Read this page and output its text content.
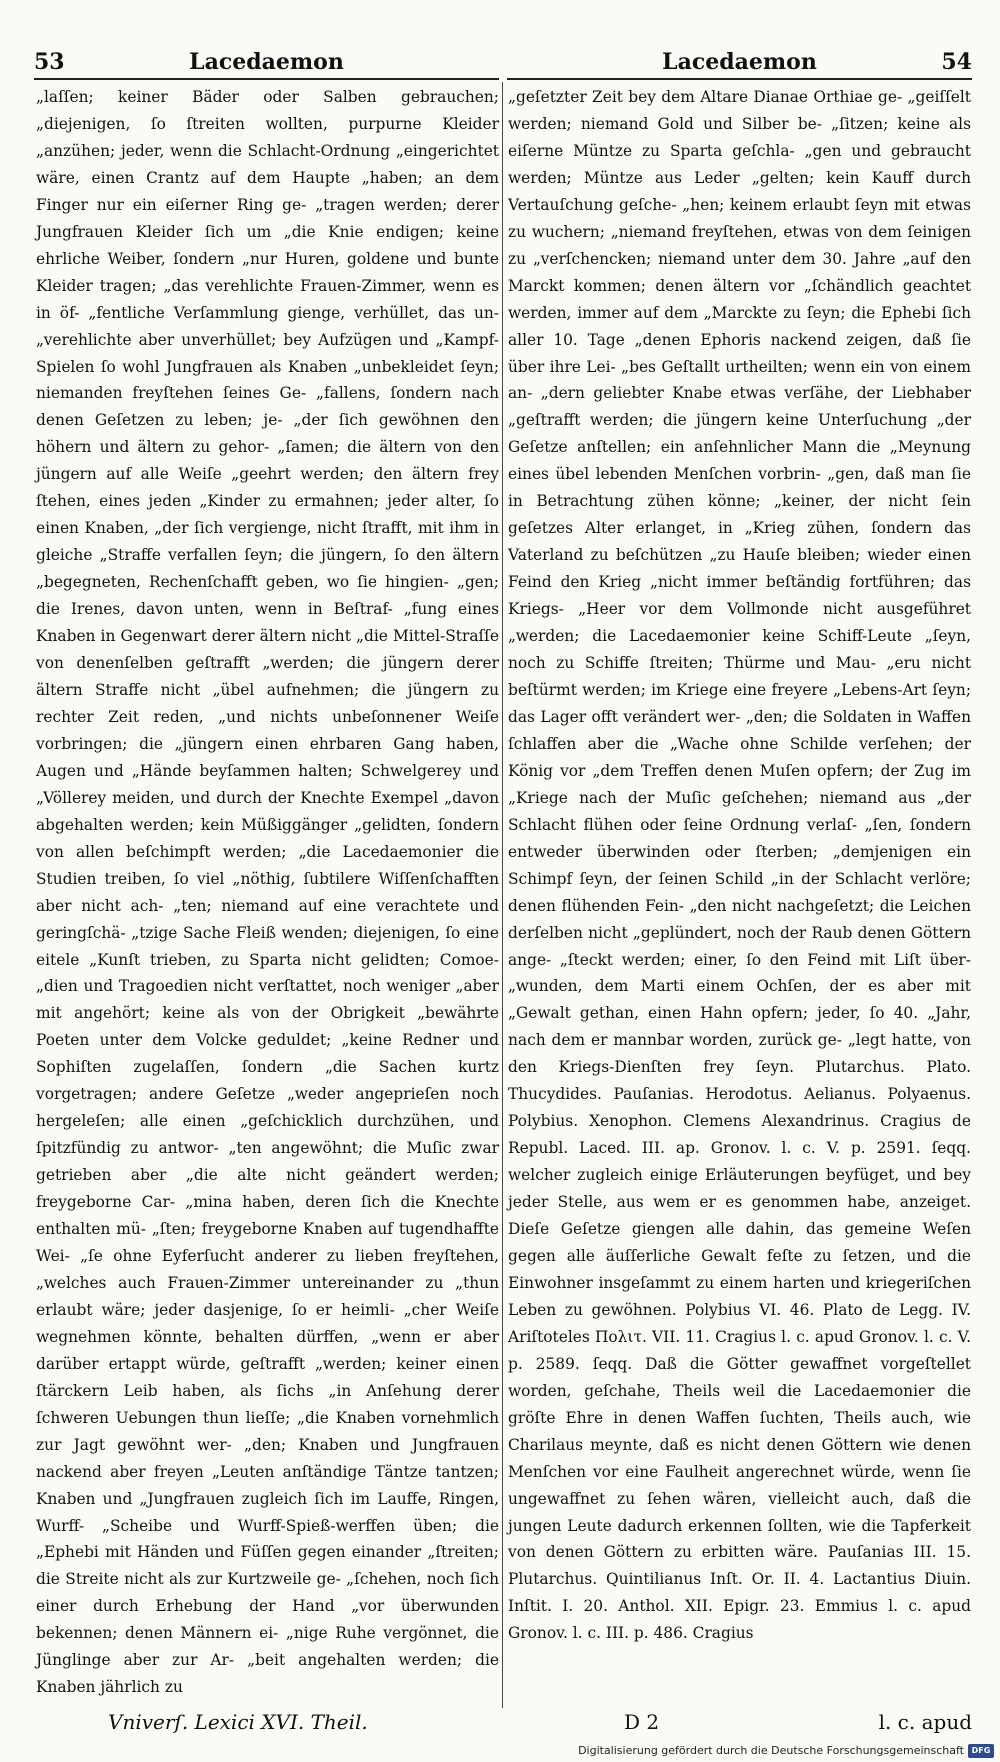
53	Lacedaemon	Lacedaemon	54

„laſſen; keiner Bäder oder Salben gebrauchen; „diejenigen, ſo ſtreiten wollten, purpurne Kleider „anzühen; jeder, wenn die Schlacht-Ordnung „eingerichtet wäre, einen Crantz auf dem Haupte „haben; an dem Finger nur ein eiſerner Ring ge- „tragen werden; derer Jungfrauen Kleider ſich um „die Knie endigen; keine ehrliche Weiber, ſondern „nur Huren, goldene und bunte Kleider tragen; „das verehlichte Frauen-Zimmer, wenn es in öf- „fentliche Verſammlung gienge, verhüllet, das un- „verehlichte aber unverhüllet; bey Aufzügen und „Kampf-Spielen ſo wohl Jungfrauen als Knaben „unbekleidet ſeyn; niemanden freyſtehen ſeines Ge- „fallens, ſondern nach denen Geſetzen zu leben; je- „der ſich gewöhnen den höhern und ältern zu gehor- „ſamen; die ältern von den jüngern auf alle Weiſe „geehrt werden; den ältern frey ſtehen, eines jeden „Kinder zu ermahnen; jeder alter, ſo einen Knaben, „der ſich vergienge, nicht ſtrafft, mit ihm in gleiche „Straffe verfallen ſeyn; die jüngern, ſo den ältern „begegneten, Rechenſchafft geben, wo ſie hingien- „gen; die Irenes, davon unten, wenn in Beſtraf- „fung eines Knaben in Gegenwart derer ältern nicht „die Mittel-Straſſe von denenſelben geſtrafft „werden; die jüngern derer ältern Straffe nicht „übel aufnehmen; die jüngern zu rechter Zeit reden, „und nichts unbeſonnener Weiſe vorbringen; die „jüngern einen ehrbaren Gang haben, Augen und „Hände beyſammen halten; Schwelgerey und „Völlerey meiden, und durch der Knechte Exempel „davon abgehalten werden; kein Müßiggänger „gelidten, ſondern von allen beſchimpft werden; „die Lacedaemonier die Studien treiben, ſo viel „nöthig, ſubtilere Wiſſenſchafften aber nicht ach- „ten; niemand auf eine verachtete und geringſchä- „tzige Sache Fleiß wenden; diejenigen, ſo eine eitele „Kunſt trieben, zu Sparta nicht gelidten; Comoe- „dien und Tragoedien nicht verſtattet, noch weniger „aber mit angehört; keine als von der Obrigkeit „bewährte Poeten unter dem Volcke geduldet; „keine Redner und Sophiſten zugelaſſen, ſondern „die Sachen kurtz vorgetragen; andere Geſetze „weder angeprieſen noch hergeleſen; alle einen „geſchicklich durchzühen, und ſpitzfündig zu antwor- „ten angewöhnt; die Muſic zwar getrieben aber „die alte nicht geändert werden; freygeborne Car- „mina haben, deren ſich die Knechte enthalten mü- „ſten; freygeborne Knaben auf tugendhaffte Wei- „ſe ohne Eyferſucht anderer zu lieben freyſtehen, „welches auch Frauen-Zimmer untereinander zu „thun erlaubt wäre; jeder dasjenige, ſo er heimli- „cher Weiſe wegnehmen könnte, behalten dürffen, „wenn er aber darüber ertappt würde, geſtrafft „werden; keiner einen ſtärckern Leib haben, als ſichs „in Anſehung derer ſchweren Uebungen thun lieſſe; „die Knaben vornehmlich zur Jagt gewöhnt wer- „den; Knaben und Jungfrauen nackend aber freyen „Leuten anſtändige Täntze tantzen; Knaben und „Jungfrauen zugleich ſich im Lauffe, Ringen, Wurff- „Scheibe und Wurff-Spieß-werffen üben; die „Ephebi mit Händen und Füſſen gegen einander „ſtreiten; die Streite nicht als zur Kurtzweile ge- „ſchehen, noch ſich einer durch Erhebung der Hand „vor überwunden bekennen; denen Männern ei- „nige Ruhe vergönnet, die Jünglinge aber zur Ar- „beit angehalten werden; die Knaben jährlich zu

„geſetzter Zeit bey dem Altare Dianae Orthiae ge- „geiſſelt werden; niemand Gold und Silber be- „ſitzen; keine als eiſerne Müntze zu Sparta geſchla- „gen und gebraucht werden; Müntze aus Leder „gelten; kein Kauff durch Vertauſchung geſche- „hen; keinem erlaubt ſeyn mit etwas zu wuchern; „niemand freyſtehen, etwas von dem ſeinigen zu „verſchencken; niemand unter dem 30. Jahre „auf den Marckt kommen; denen ältern vor „ſchändlich geachtet werden, immer auf dem „Marckte zu ſeyn; die Ephebi ſich aller 10. Tage „denen Ephoris nackend zeigen, daß ſie über ihre Lei- „bes Geſtallt urtheilten; wenn ein von einem an- „dern geliebter Knabe etwas verſähe, der Liebhaber „geſtrafft werden; die jüngern keine Unterſuchung „der Geſetze anſtellen; ein anſehnlicher Mann die „Meynung eines übel lebenden Menſchen vorbrin- „gen, daß man ſie in Betrachtung zühen könne; „keiner, der nicht ſein geſetzes Alter erlanget, in „Krieg zühen, ſondern das Vaterland zu beſchützen „zu Hauſe bleiben; wieder einen Feind den Krieg „nicht immer beſtändig fortführen; das Kriegs- „Heer vor dem Vollmonde nicht ausgeführet „werden; die Lacedaemonier keine Schiff-Leute „ſeyn, noch zu Schiffe ſtreiten; Thürme und Mau- „eru nicht beſtürmt werden; im Kriege eine freyere „Lebens-Art ſeyn; das Lager offt verändert wer- „den; die Soldaten in Waffen ſchlaffen aber die „Wache ohne Schilde verſehen; der König vor „dem Treffen denen Muſen opfern; der Zug im „Kriege nach der Muſic geſchehen; niemand aus „der Schlacht flühen oder ſeine Ordnung verlaſ- „ſen, ſondern entweder überwinden oder ſterben; „demjenigen ein Schimpf ſeyn, der ſeinen Schild „in der Schlacht verlöre; denen flühenden Fein- „den nicht nachgeſetzt; die Leichen derſelben nicht „geplündert, noch der Raub denen Göttern ange- „ſteckt werden; einer, ſo den Feind mit Liſt über- „wunden, dem Marti einem Ochſen, der es aber mit „Gewalt gethan, einen Hahn opfern; jeder, ſo 40. „Jahr, nach dem er mannbar worden, zurück ge- „legt hatte, von den Kriegs-Dienſten frey ſeyn. Plutarchus. Plato. Thucydides. Pauſanias. Herodotus. Aelianus. Polyaenus. Polybius. Xenophon. Clemens Alexandrinus. Cragius de Republ. Laced. III. ap. Gronov. l. c. V. p. 2591. ſeqq. welcher zugleich einige Erläuterungen beyfüget, und bey jeder Stelle, aus wem er es genommen habe, anzeiget. Dieſe Geſetze giengen alle dahin, das gemeine Weſen gegen alle äuſſerliche Gewalt feſte zu ſetzen, und die Einwohner insgeſammt zu einem harten und kriegeriſchen Leben zu gewöhnen. Polybius VI. 46. Plato de Legg. IV. Ariſtoteles Πολιτ. VII. 11. Cragius l. c. apud Gronov. l. c. V. p. 2589. ſeqq. Daß die Götter gewaffnet vorgeſtellet worden, geſchahe, Theils weil die Lacedaemonier die gröſte Ehre in denen Waffen ſuchten, Theils auch, wie Charilaus meynte, daß es nicht denen Göttern wie denen Menſchen vor eine Faulheit angerechnet würde, wenn ſie ungewaffnet zu ſehen wären, vielleicht auch, daß die jungen Leute dadurch erkennen ſollten, wie die Tapferkeit von denen Göttern zu erbitten wäre. Pauſanias III. 15. Plutarchus. Quintilianus Inſt. Or. II. 4. Lactantius Diuin. Inſtit. I. 20. Anthol. XII. Epigr. 23. Emmius l. c. apud Gronov. l. c. III. p. 486. Cragius

Vniverſ. Lexici XVI. Theil.	D 2	l. c. apud
Digitalisierung gefördert durch die Deutsche Forschungsgemeinschaft DFG
